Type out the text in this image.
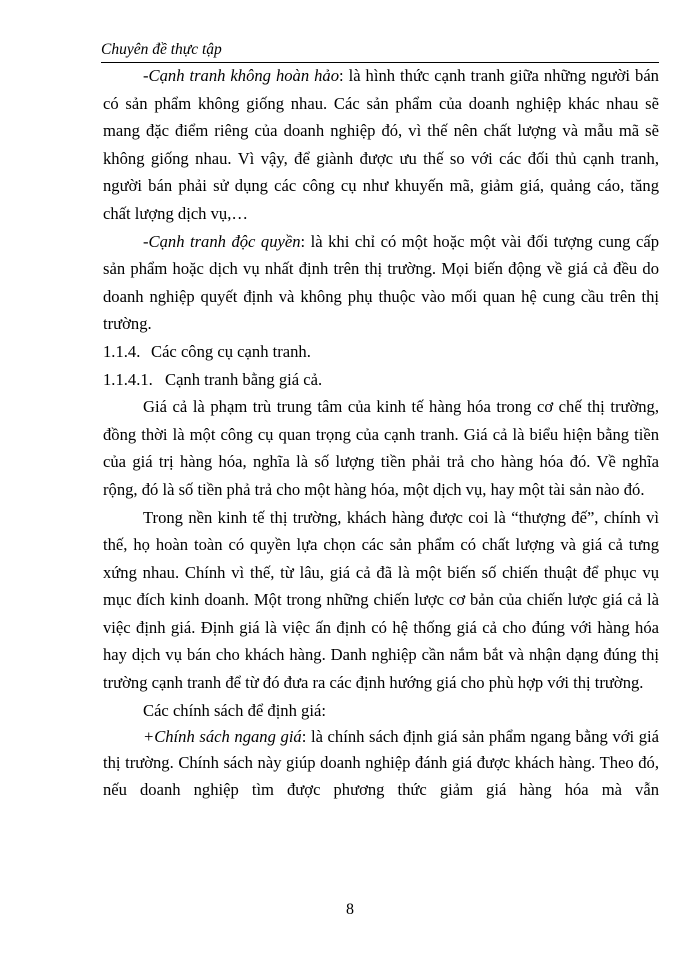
Chuyên đề thực tập

-Cạnh tranh không hoàn hảo: là hình thức cạnh tranh giữa những người bán có sản phẩm không giống nhau. Các sản phẩm của doanh nghiệp khác nhau sẽ mang đặc điểm riêng của doanh nghiệp đó, vì thế nên chất lượng và mẫu mã sẽ không giống nhau. Vì vậy, để giành được ưu thế so với các đối thủ cạnh tranh, người bán phải sử dụng các công cụ như khuyến mã, giảm giá, quảng cáo, tăng chất lượng dịch vụ,…

-Cạnh tranh độc quyền: là khi chỉ có một hoặc một vài đối tượng cung cấp sản phẩm hoặc dịch vụ nhất định trên thị trường. Mọi biến động về giá cả đều do doanh nghiệp quyết định và không phụ thuộc vào mối quan hệ cung cầu trên thị trường.

1.1.4. Các công cụ cạnh tranh.

1.1.4.1. Cạnh tranh bằng giá cả.

Giá cả là phạm trù trung tâm của kinh tế hàng hóa trong cơ chế thị trường, đồng thời là một công cụ quan trọng của cạnh tranh. Giá cả là biểu hiện bằng tiền của giá trị hàng hóa, nghĩa là số lượng tiền phải trả cho hàng hóa đó. Về nghĩa rộng, đó là số tiền phả trả cho một hàng hóa, một dịch vụ, hay một tài sản nào đó.

Trong nền kinh tế thị trường, khách hàng được coi là “thượng đế”, chính vì thế, họ hoàn toàn có quyền lựa chọn các sản phẩm có chất lượng và giá cả tưng xứng nhau. Chính vì thế, từ lâu, giá cả đã là một biến số chiến thuật để phục vụ mục đích kinh doanh. Một trong những chiến lược cơ bản của chiến lược giá cả là việc định giá. Định giá là việc ấn định có hệ thống giá cả cho đúng với hàng hóa hay dịch vụ bán cho khách hàng. Danh nghiệp cần nắm bắt và nhận dạng đúng thị trường cạnh tranh để từ đó đưa ra các định hướng giá cho phù hợp với thị trường.

Các chính sách để định giá:

+Chính sách ngang giá: là chính sách định giá sản phẩm ngang bằng với giá thị trường. Chính sách này giúp doanh nghiệp đánh giá được khách hàng. Theo đó, nếu doanh nghiệp tìm được phương thức giảm giá hàng hóa mà vẫn

8
